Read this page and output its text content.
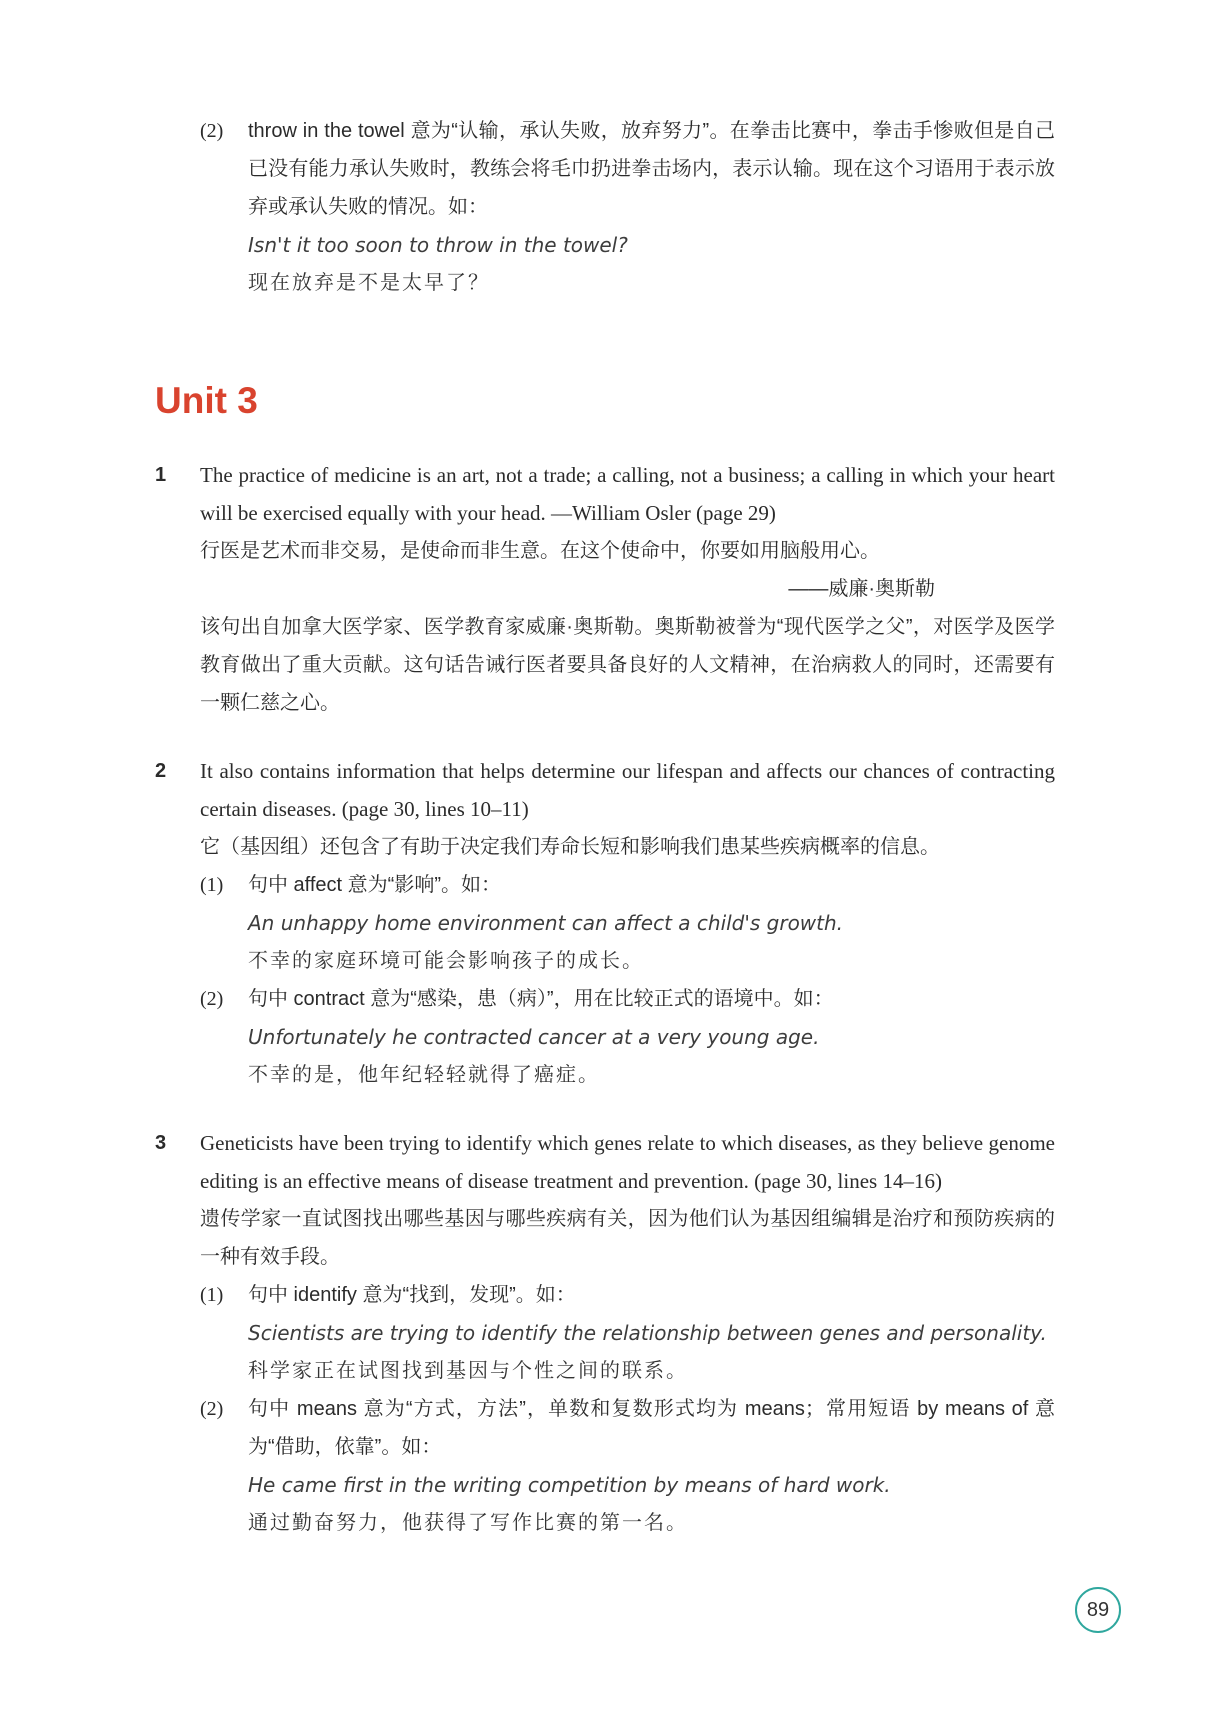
(2)	throw in the towel 意为“认输，承认失败，放弃努力”。在拳击比赛中，拳击手惨败但是自己已没有能力承认失败时，教练会将毛巾扔进拳击场内，表示认输。现在这个习语用于表示放弃或承认失败的情况。如：

Isn't it too soon to throw in the towel?

现在放弃是不是太早了？

Unit 3
1	The practice of medicine is an art, not a trade; a calling, not a business; a calling in which your heart will be exercised equally with your head. —William Osler (page 29)

行医是艺术而非交易，是使命而非生意。在这个使命中，你要如用脑般用心。

——威廉·奥斯勒

该句出自加拿大医学家、医学教育家威廉·奥斯勒。奥斯勒被誉为“现代医学之父”，对医学及医学教育做出了重大贡献。这句话告诫行医者要具备良好的人文精神，在治病救人的同时，还需要有一颗仁慈之心。

2	It also contains information that helps determine our lifespan and affects our chances of contracting certain diseases. (page 30, lines 10–11)

它（基因组）还包含了有助于决定我们寿命长短和影响我们患某些疾病概率的信息。

(1)	句中 affect 意为“影响”。如：

An unhappy home environment can affect a child's growth.

不幸的家庭环境可能会影响孩子的成长。

(2)	句中 contract 意为“感染，患（病）”，用在比较正式的语境中。如：

Unfortunately he contracted cancer at a very young age.

不幸的是，他年纪轻轻就得了癌症。

3	Geneticists have been trying to identify which genes relate to which diseases, as they believe genome editing is an effective means of disease treatment and prevention. (page 30, lines 14–16)

遗传学家一直试图找出哪些基因与哪些疾病有关，因为他们认为基因组编辑是治疗和预防疾病的一种有效手段。

(1)	句中 identify 意为“找到，发现”。如：

Scientists are trying to identify the relationship between genes and personality.

科学家正在试图找到基因与个性之间的联系。

(2)	句中 means 意为“方式，方法”，单数和复数形式均为 means；常用短语 by means of 意为“借助，依靠”。如：

He came first in the writing competition by means of hard work.

通过勤奋努力，他获得了写作比赛的第一名。

89
